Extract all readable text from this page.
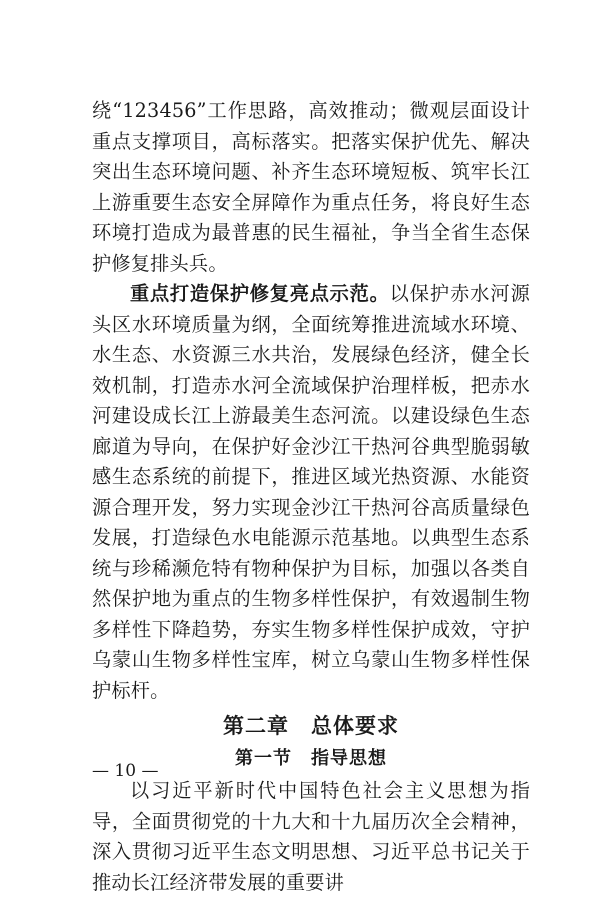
绕“123456”工作思路，高效推动；微观层面设计重点支撑项目，高标落实。把落实保护优先、解决突出生态环境问题、补齐生态环境短板、筑牢长江上游重要生态安全屏障作为重点任务，将良好生态环境打造成为最普惠的民生福祉，争当全省生态保护修复排头兵。

重点打造保护修复亮点示范。以保护赤水河源头区水环境质量为纲，全面统筹推进流域水环境、水生态、水资源三水共治，发展绿色经济，健全长效机制，打造赤水河全流域保护治理样板，把赤水河建设成长江上游最美生态河流。以建设绿色生态廊道为导向，在保护好金沙江干热河谷典型脆弱敏感生态系统的前提下，推进区域光热资源、水能资源合理开发，努力实现金沙江干热河谷高质量绿色发展，打造绿色水电能源示范基地。以典型生态系统与珍稀濒危特有物种保护为目标，加强以各类自然保护地为重点的生物多样性保护，有效遏制生物多样性下降趋势，夯实生物多样性保护成效，守护乌蒙山生物多样性宝库，树立乌蒙山生物多样性保护标杆。

第二章　总体要求
第一节　指导思想

以习近平新时代中国特色社会主义思想为指导，全面贯彻党的十九大和十九届历次全会精神，深入贯彻习近平生态文明思想、习近平总书记关于推动长江经济带发展的重要讲

— 10 —
